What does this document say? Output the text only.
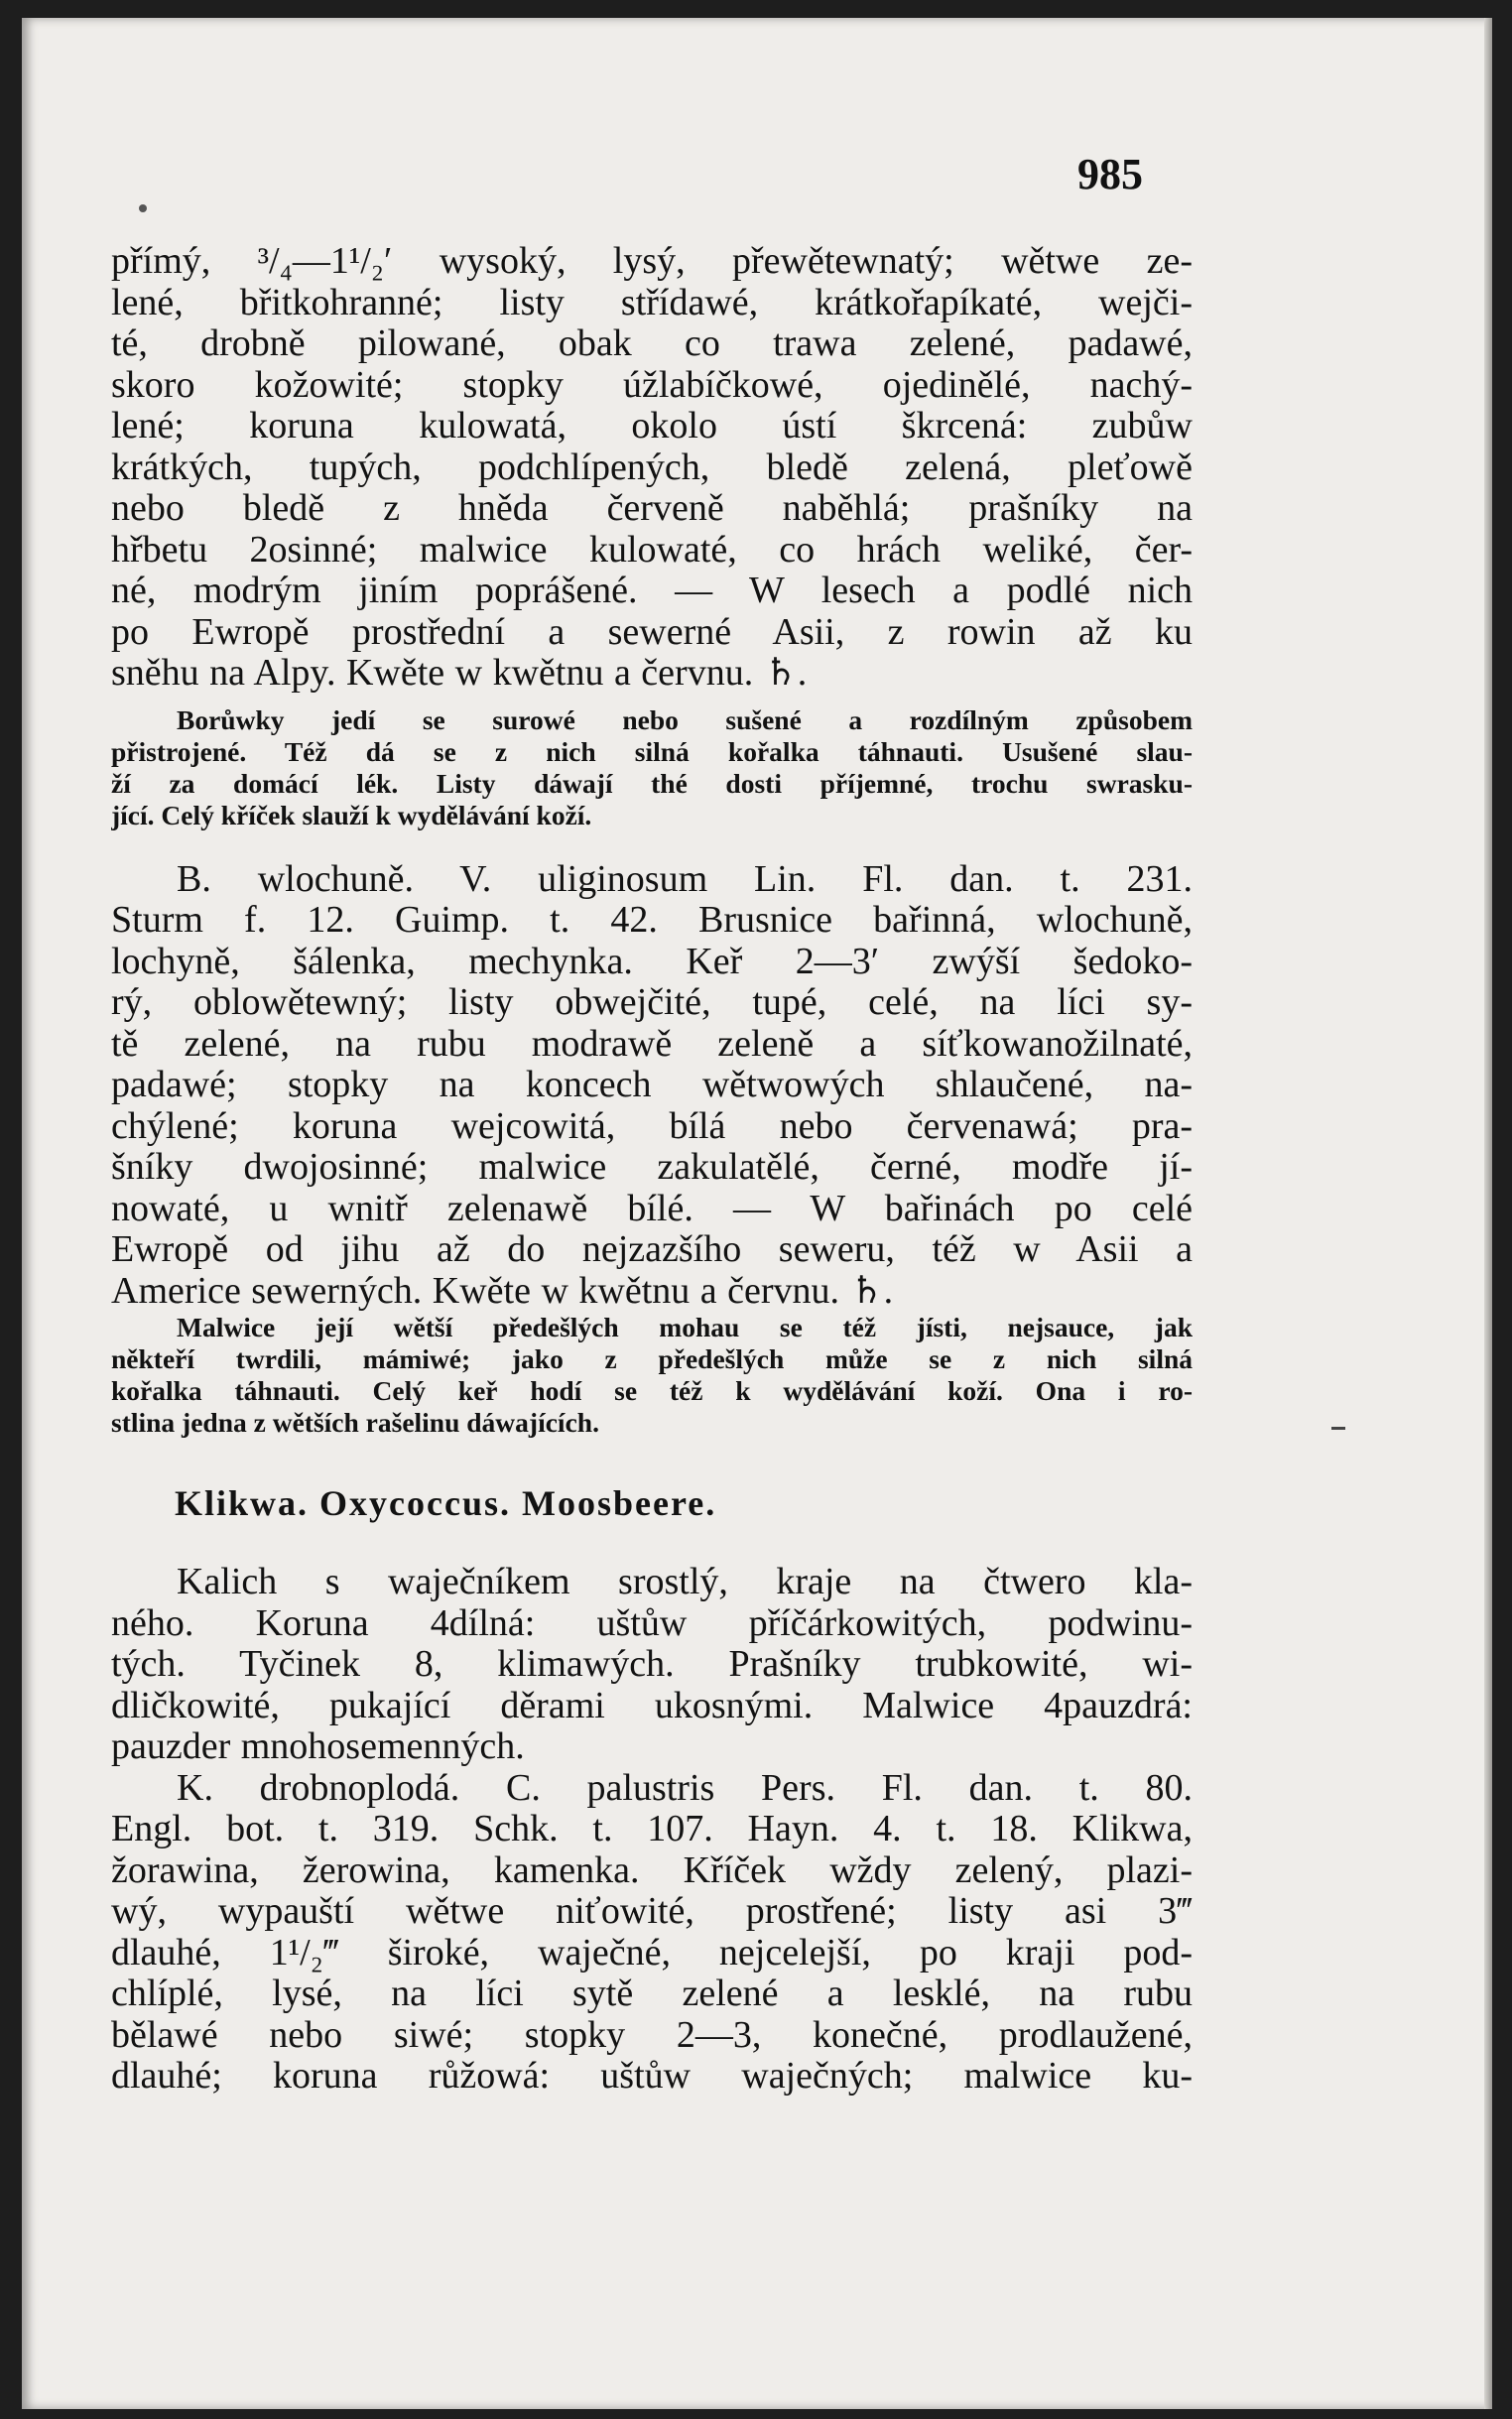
985
přímý, ³/₄—1¹/₂′ wysoký, lysý, přewětewnatý; wětwe ze-
lené, břitkohranné; listy střídawé, krátkořapíkaté, wejči-
té, drobně pilowané, obak co trawa zelené, padawé,
skoro kožowité; stopky úžlabíčkowé, ojedinělé, nachý-
lené; koruna kulowatá, okolo ústí škrcená: zubůw
krátkých, tupých, podchlípených, bledě zelená, pleťowě
nebo bledě z hněda červeně naběhlá; prašníky na
hřbetu 2osinné; malwice kulowaté, co hrách weliké, čer-
né, modrým jiním poprášené. — W lesech a podlé nich
po Ewropě prostřední a sewerné Asii, z rowin až ku
sněhu na Alpy. Kwěte w kwětnu a červnu. ♄.
Borůwky jedí se surowé nebo sušené a rozdílným způsobem
přistrojené. Též dá se z nich silná kořalka táhnauti. Usušené slau-
ží za domácí lék. Listy dáwají thé dosti příjemné, trochu swrasku-
jící. Celý kříček slauží k wydělávání koží.
B. wlochuně. V. uliginosum Lin. Fl. dan. t. 231.
Sturm f. 12. Guimp. t. 42. Brusnice bařinná, wlochuně,
lochyně, šálenka, mechynka. Keř 2—3′ zwýší šedoko-
rý, oblowětewný; listy obwejčité, tupé, celé, na líci sy-
tě zelené, na rubu modrawě zeleně a síťkowanožilnaté,
padawé; stopky na koncech wětwowých shlaučené, na-
chýlené; koruna wejcowitá, bílá nebo červenawá; pra-
šníky dwojosinné; malwice zakulatělé, černé, modře jí-
nowaté, u wnitř zelenawě bílé. — W bařinách po celé
Ewropě od jihu až do nejzazšího seweru, též w Asii a
Americe sewerných. Kwěte w kwětnu a červnu. ♄.
Malwice její wětší předešlých mohau se též jísti, nejsauce, jak
někteří twrdili, mámiwé; jako z předešlých může se z nich silná
kořalka táhnauti. Celý keř hodí se též k wydělávání koží. Ona i ro-
stlina jedna z wětších rašelinu dáwajících.
Klikwa. Oxycoccus. Moosbeere.
Kalich s waječníkem srostlý, kraje na čtwero kla-
ného. Koruna 4dílná: uštůw příčárkowitých, podwinu-
tých. Tyčinek 8, klimawých. Prašníky trubkowité, wi-
dličkowité, pukající děrami ukosnými. Malwice 4pauzdrá:
pauzder mnohosemenných.
K. drobnoplodá. C. palustris Pers. Fl. dan. t. 80.
Engl. bot. t. 319. Schk. t. 107. Hayn. 4. t. 18. Klikwa,
žorawina, žerowina, kamenka. Kříček wždy zelený, plazi-
wý, wypauští wětwe niťowité, prostřené; listy asi 3‴
dlauhé, 1¹/₂‴ široké, waječné, nejcelejší, po kraji pod-
chlíplé, lysé, na líci sytě zelené a lesklé, na rubu
bělawé nebo siwé; stopky 2—3, konečné, prodlaužené,
dlauhé; koruna růžowá: uštůw waječných; malwice ku-
